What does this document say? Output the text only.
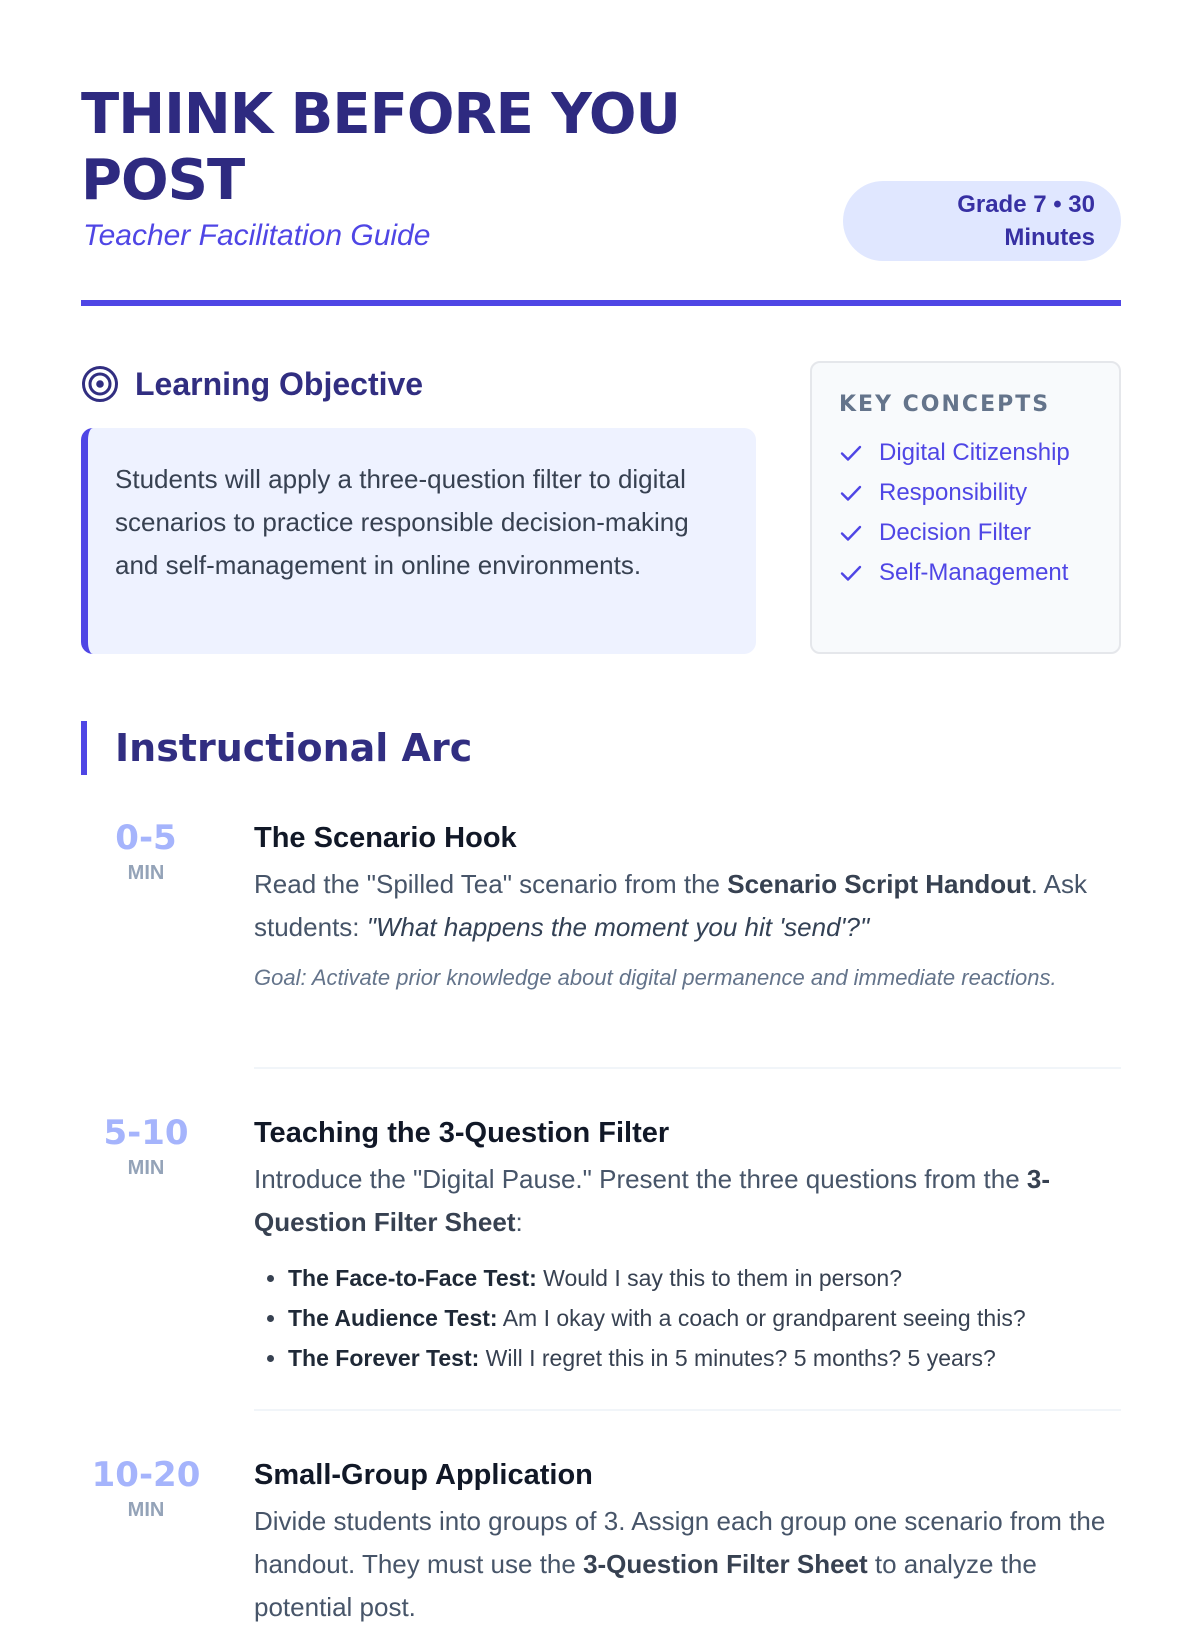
THINK BEFORE YOU POST

Teacher Facilitation Guide

Grade 7 • 30
Minutes
Learning Objective
Students will apply a three-question filter to digital scenarios to practice responsible decision-making and self-management in online environments.
KEY CONCEPTS
Digital Citizenship
Responsibility
Decision Filter
Self-Management
Instructional Arc
0-5
MIN
The Scenario Hook

Read the "Spilled Tea" scenario from the Scenario Script Handout. Ask students: "What happens the moment you hit 'send'?"

Goal: Activate prior knowledge about digital permanence and immediate reactions.

5-10
MIN
Teaching the 3-Question Filter

Introduce the "Digital Pause." Present the three questions from the 3-Question Filter Sheet:

• The Face-to-Face Test: Would I say this to them in person?
• The Audience Test: Am I okay with a coach or grandparent seeing this?
• The Forever Test: Will I regret this in 5 minutes? 5 months? 5 years?
10-20
MIN
Small-Group Application

Divide students into groups of 3. Assign each group one scenario from the handout. They must use the 3-Question Filter Sheet to analyze the potential post.
